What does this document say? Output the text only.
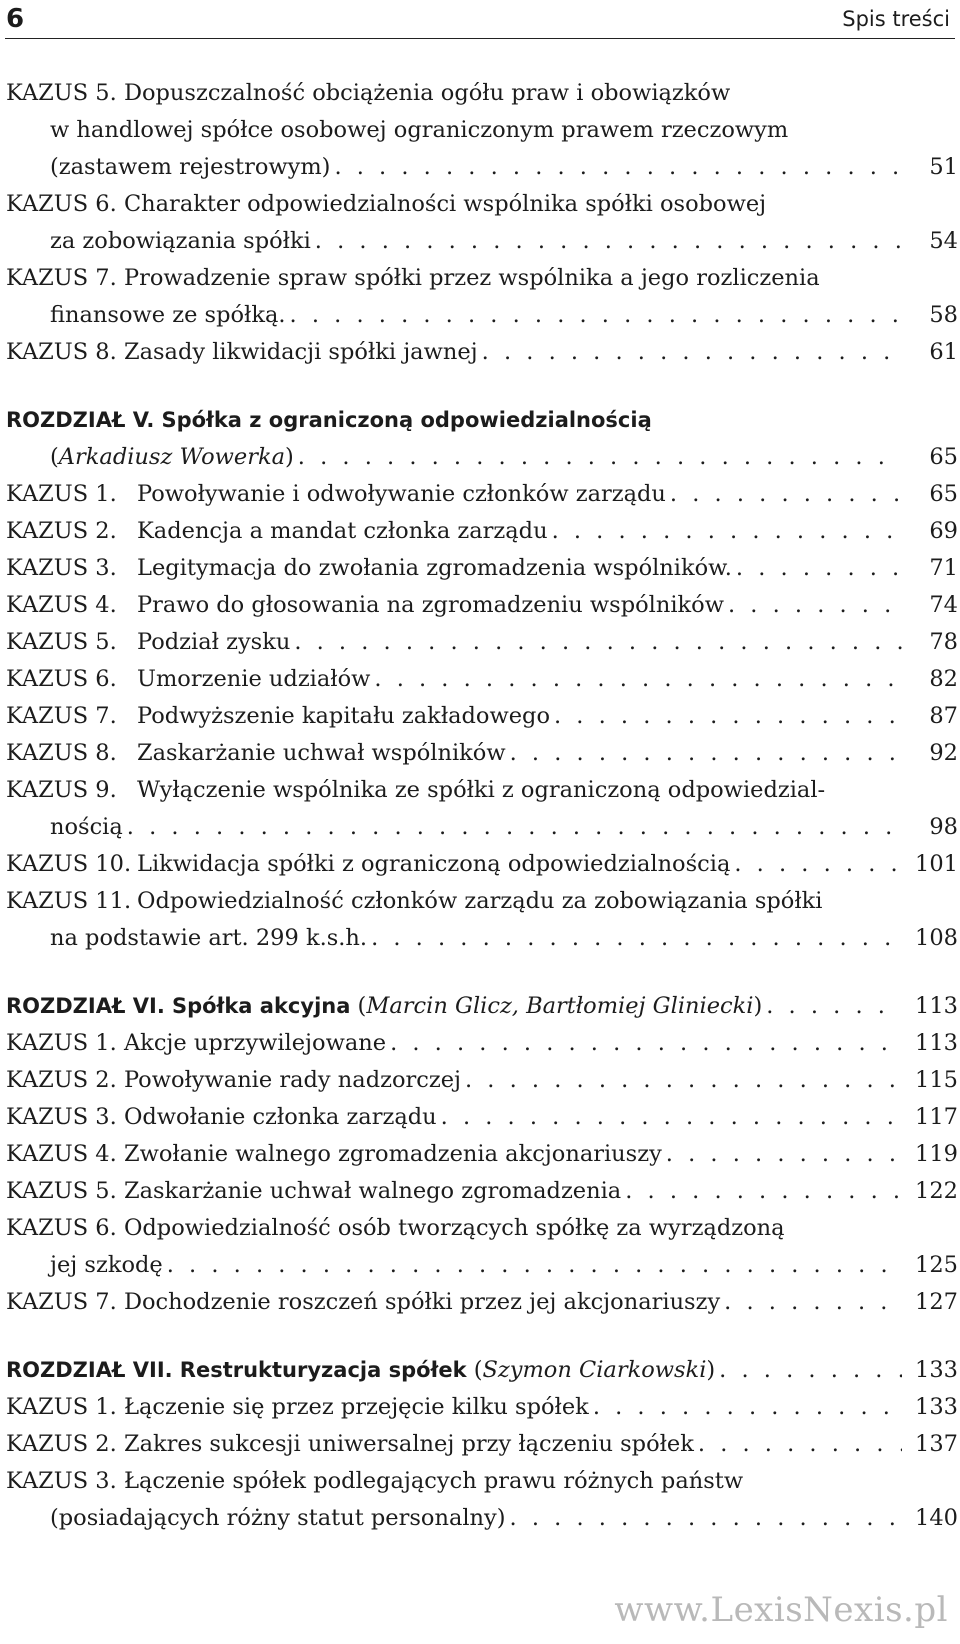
6	Spis treści
KAZUS 5. Dopuszczalność obciążenia ogółu praw i obowiązków
w handlowej spółce osobowej ograniczonym prawem rzeczowym
(zastawem rejestrowym) . . .	51
KAZUS 6. Charakter odpowiedzialności wspólnika spółki osobowej
za zobowiązania spółki . . .	54
KAZUS 7. Prowadzenie spraw spółki przez wspólnika a jego rozliczenia
finansowe ze spółką. . . .	58
KAZUS 8. Zasady likwidacji spółki jawnej . . .	61
ROZDZIAŁ V. Spółka z ograniczoną odpowiedzialnością
(Arkadiusz Wowerka) . . .	65
KAZUS 1. Powoływanie i odwoływanie członków zarządu . . .	65
KAZUS 2. Kadencja a mandat członka zarządu . . .	69
KAZUS 3. Legitymacja do zwołania zgromadzenia wspólników. . . .	71
KAZUS 4. Prawo do głosowania na zgromadzeniu wspólników . . .	74
KAZUS 5. Podział zysku . . .	78
KAZUS 6. Umorzenie udziałów . . .	82
KAZUS 7. Podwyższenie kapitału zakładowego . . .	87
KAZUS 8. Zaskarżanie uchwał wspólników . . .	92
KAZUS 9. Wyłączenie wspólnika ze spółki z ograniczoną odpowiedzial-
nością . . .	98
KAZUS 10. Likwidacja spółki z ograniczoną odpowiedzialnością . . .	101
KAZUS 11. Odpowiedzialność członków zarządu za zobowiązania spółki
na podstawie art. 299 k.s.h. . . .	108
ROZDZIAŁ VI. Spółka akcyjna (Marcin Glicz, Bartłomiej Gliniecki) . . .	113
KAZUS 1. Akcje uprzywilejowane . . .	113
KAZUS 2. Powoływanie rady nadzorczej . . .	115
KAZUS 3. Odwołanie członka zarządu . . .	117
KAZUS 4. Zwołanie walnego zgromadzenia akcjonariuszy . . .	119
KAZUS 5. Zaskarżanie uchwał walnego zgromadzenia . . .	122
KAZUS 6. Odpowiedzialność osób tworzących spółkę za wyrządzoną
jej szkodę . . .	125
KAZUS 7. Dochodzenie roszczeń spółki przez jej akcjonariuszy . . .	127
ROZDZIAŁ VII. Restrukturyzacja spółek (Szymon Ciarkowski) . . .	133
KAZUS 1. Łączenie się przez przejęcie kilku spółek . . .	133
KAZUS 2. Zakres sukcesji uniwersalnej przy łączeniu spółek . . .	137
KAZUS 3. Łączenie spółek podlegających prawu różnych państw
(posiadających różny statut personalny) . . .	140
www.LexisNexis.pl
